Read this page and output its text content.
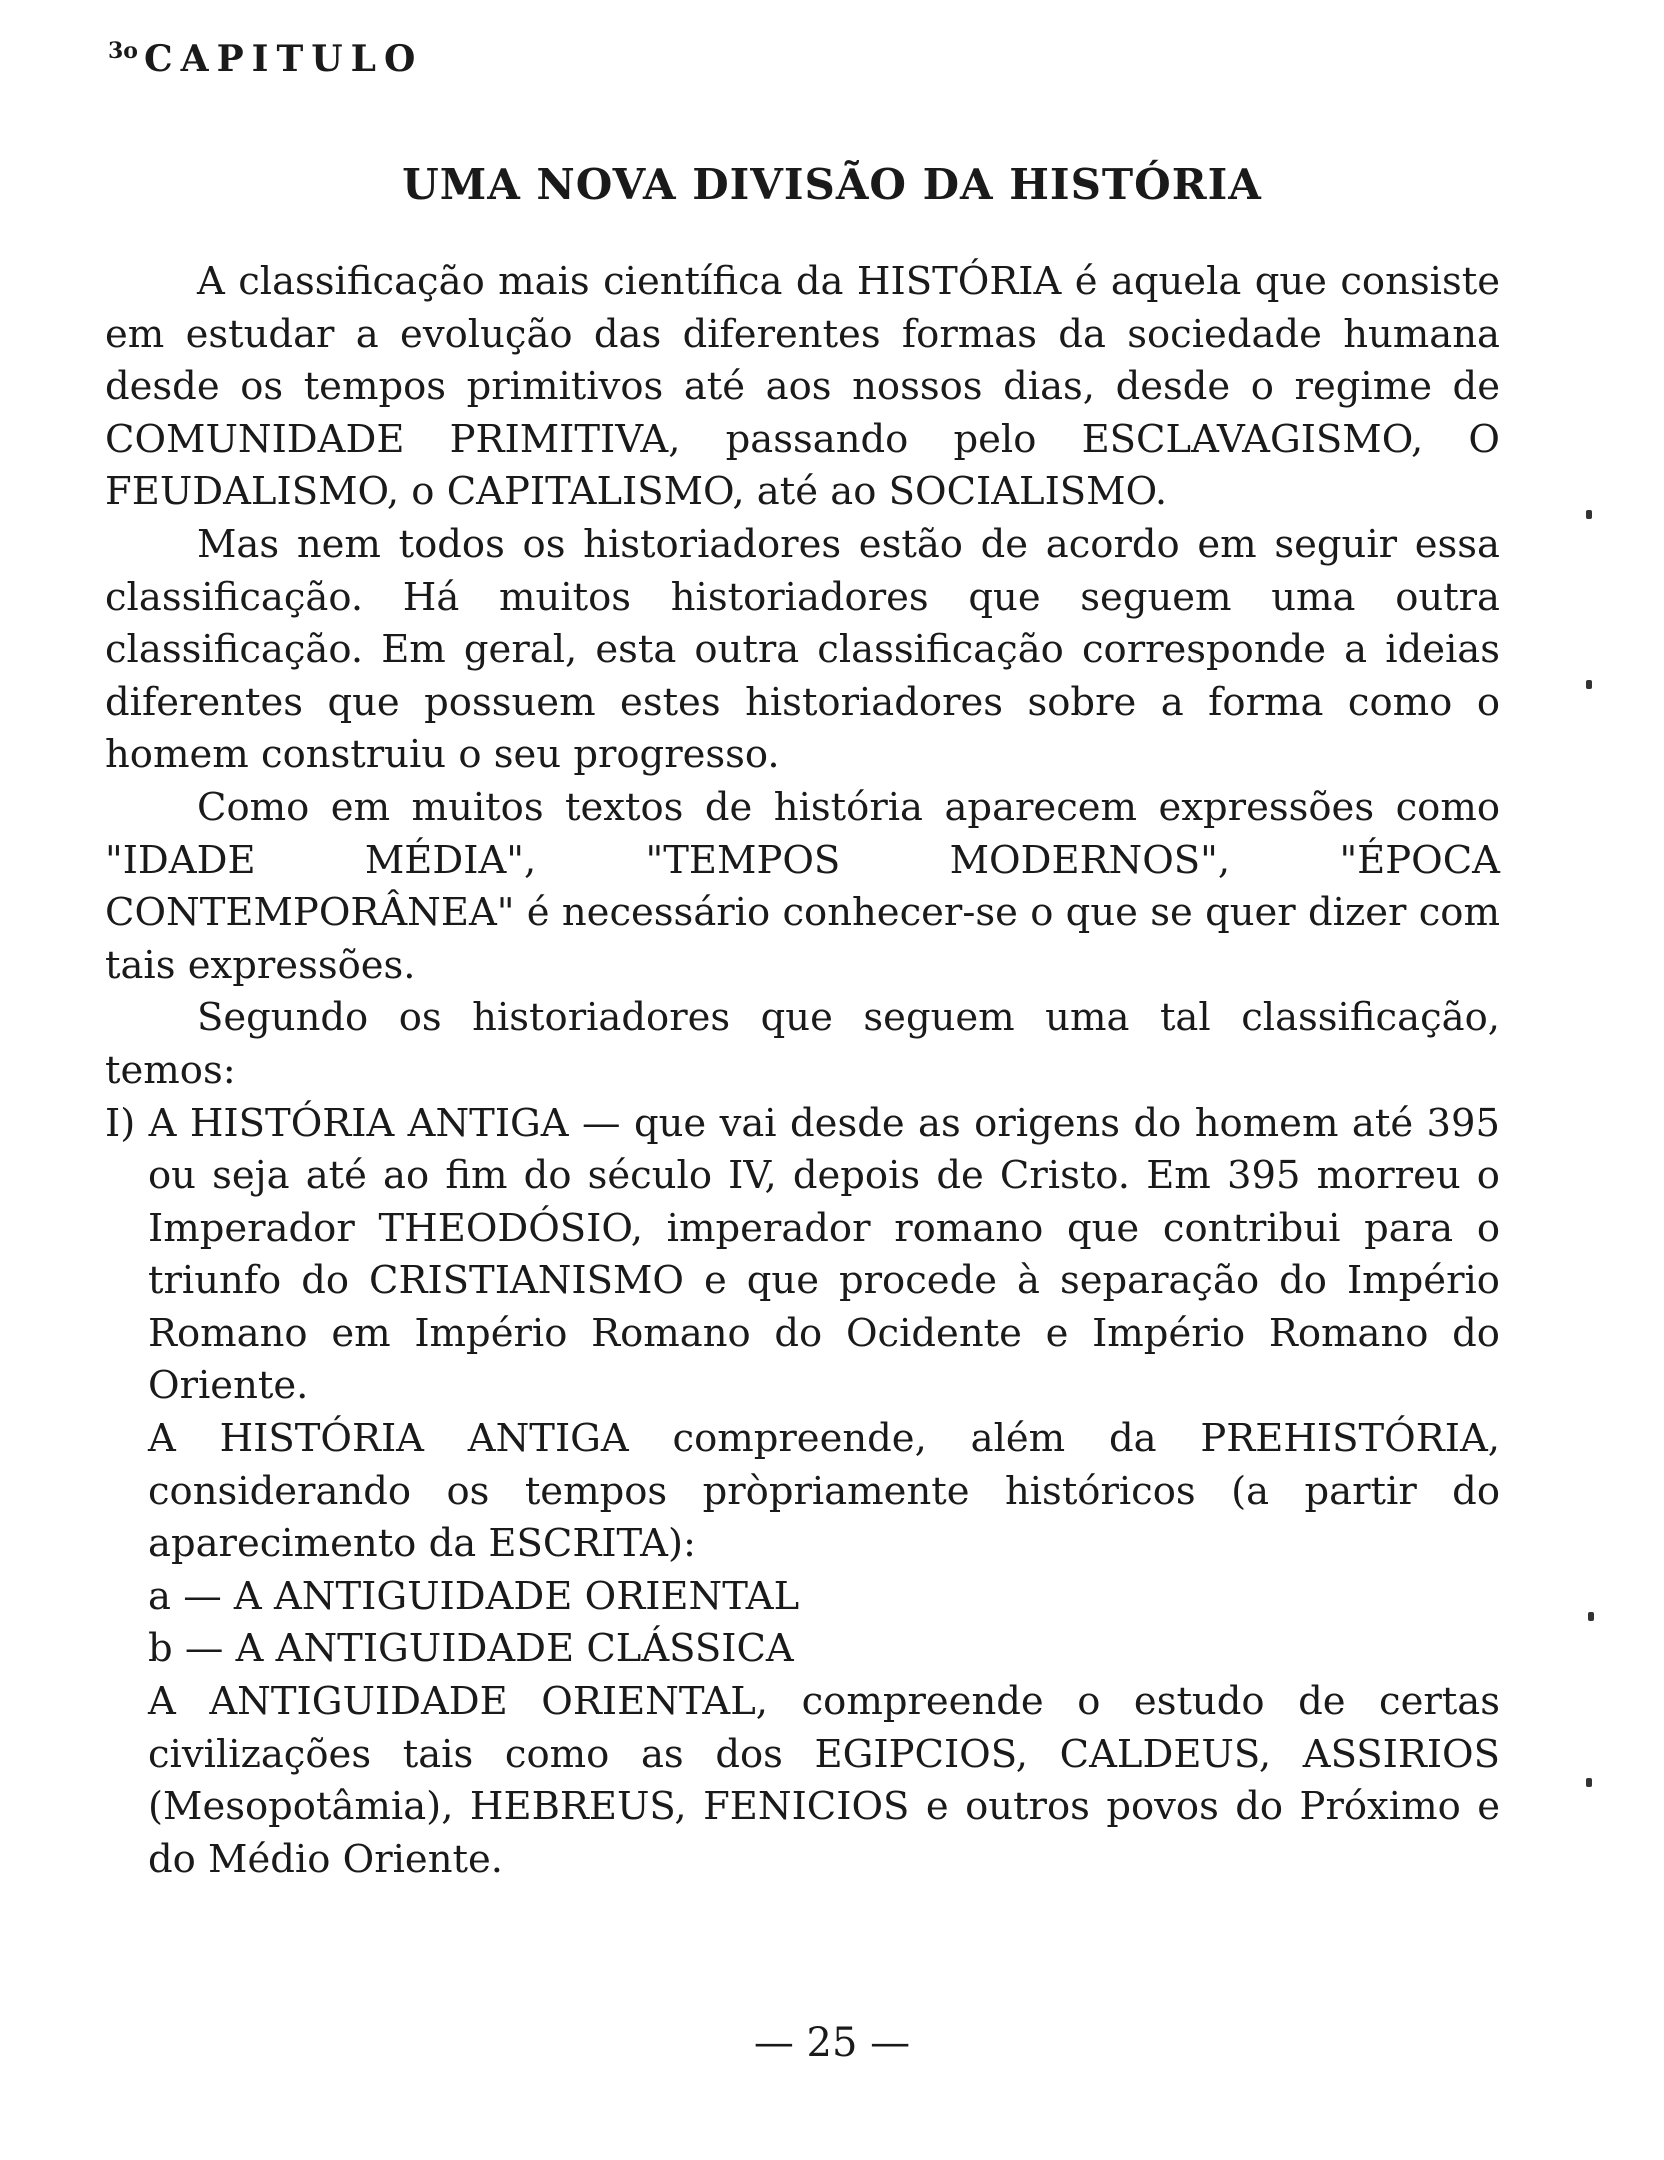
$^{3o}$ CAPITULO
UMA NOVA DIVISÃO DA HISTÓRIA

A classificação mais científica da HISTÓRIA é aquela que consiste em estudar a evolução das diferentes formas da sociedade humana desde os tempos primitivos até aos nossos dias, desde o regime de COMUNIDADE PRIMITIVA, passando pelo ESCLAVAGISMO, O FEUDALISMO, o CAPITALISMO, até ao SOCIALISMO.

Mas nem todos os historiadores estão de acordo em seguir essa classificação. Há muitos historiadores que seguem uma outra classificação. Em geral, esta outra classificação corresponde a ideias diferentes que possuem estes historiadores sobre a forma como o homem construiu o seu progresso.

Como em muitos textos de história aparecem expressões como "IDADE MÉDIA", "TEMPOS MODERNOS", "ÉPOCA CONTEMPORÂNEA" é necessário conhecer-se o que se quer dizer com tais expressões.

Segundo os historiadores que seguem uma tal classificação, temos:

I) A HISTÓRIA ANTIGA — que vai desde as origens do homem até 395 ou seja até ao fim do século IV, depois de Cristo. Em 395 morreu o Imperador THEODÓSIO, imperador romano que contribui para o triunfo do CRISTIANISMO e que procede à separação do Império Romano em Império Romano do Ocidente e Império Romano do Oriente.

A HISTÓRIA ANTIGA compreende, além da PREHISTÓRIA, considerando os tempos pròpriamente históricos (a partir do aparecimento da ESCRITA):

a — A ANTIGUIDADE ORIENTAL

b — A ANTIGUIDADE CLÁSSICA

A ANTIGUIDADE ORIENTAL, compreende o estudo de certas civilizações tais como as dos EGIPCIOS, CALDEUS, ASSIRIOS (Mesopotâmia), HEBREUS, FENICIOS e outros povos do Próximo e do Médio Oriente.

— 25 —
